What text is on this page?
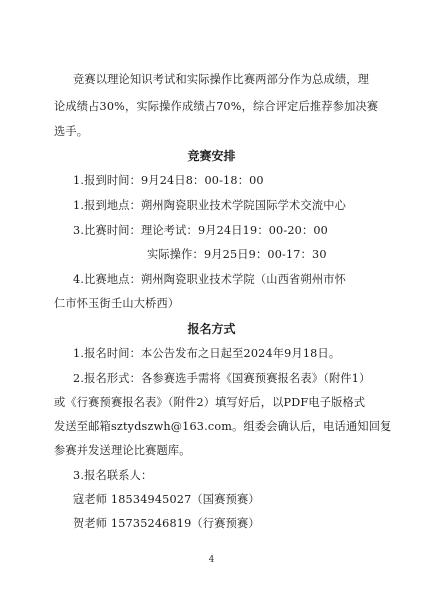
竞赛以理论知识考试和实际操作比赛两部分作为总成绩，理
论成绩占30%，实际操作成绩占70%，综合评定后推荐参加决赛
选手。
竞赛安排
1.报到时间：9月24日8：00-18：00
1.报到地点：朔州陶瓷职业技术学院国际学术交流中心
3.比赛时间：理论考试：9月24日19：00-20：00
实际操作：9月25日9：00-17：30
4.比赛地点：朔州陶瓷职业技术学院（山西省朔州市怀
仁市怀玉街壬山大桥西）
报名方式
1.报名时间：本公告发布之日起至2024年9月18日。
2.报名形式：各参赛选手需将《国赛预赛报名表》（附件1）
或《行赛预赛报名表》（附件2）填写好后，以PDF电子版格式
发送至邮箱sztydszwh@163.com。组委会确认后，电话通知回复
参赛并发送理论比赛题库。
3.报名联系人：
寇老师 18534945027（国赛预赛）
贺老师 15735246819（行赛预赛）
4
